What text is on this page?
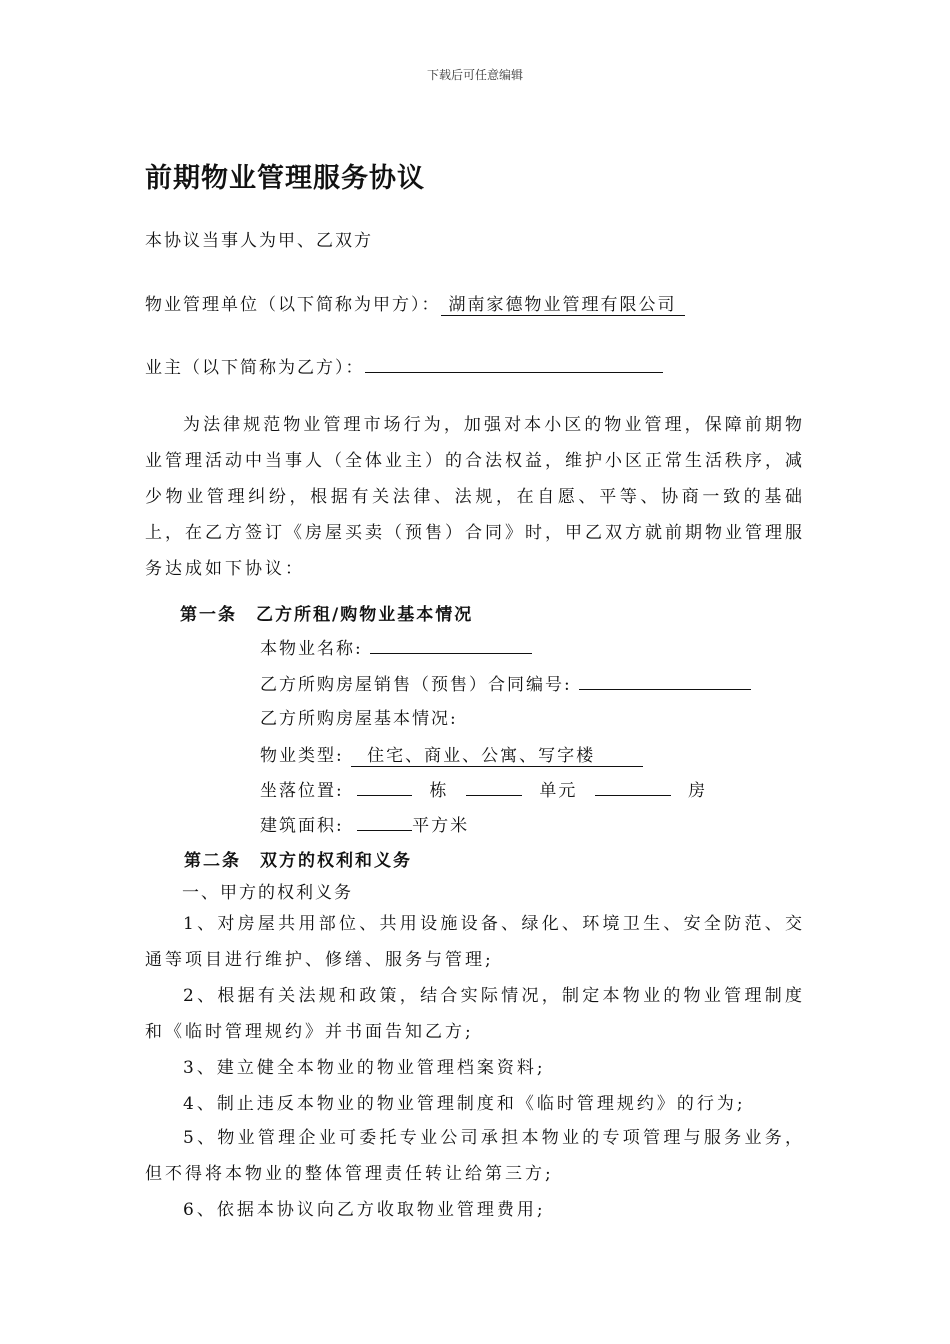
下载后可任意编辑
前期物业管理服务协议
本协议当事人为甲、乙双方
物业管理单位（以下简称为甲方）： 湖南家德物业管理有限公司
业主（以下简称为乙方）：
为法律规范物业管理市场行为，加强对本小区的物业管理，保障前期物业管理活动中当事人（全体业主）的合法权益，维护小区正常生活秩序，减少物业管理纠纷，根据有关法律、法规，在自愿、平等、协商一致的基础上，在乙方签订《房屋买卖（预售）合同》时，甲乙双方就前期物业管理服务达成如下协议：
第一条　乙方所租/购物业基本情况
本物业名称:
乙方所购房屋销售（预售）合同编号:
乙方所购房屋基本情况:
物业类型: 住宅、商业、公寓、写字楼
坐落位置:	栋	单元	房
建筑面积:	平方米
第二条　双方的权利和义务
一、甲方的权利义务
1、对房屋共用部位、共用设施设备、绿化、环境卫生、安全防范、交通等项目进行维护、修缮、服务与管理;
2、根据有关法规和政策，结合实际情况，制定本物业的物业管理制度和《临时管理规约》并书面告知乙方;
3、建立健全本物业的物业管理档案资料;
4、制止违反本物业的物业管理制度和《临时管理规约》的行为;
5、物业管理企业可委托专业公司承担本物业的专项管理与服务业务，但不得将本物业的整体管理责任转让给第三方;
6、依据本协议向乙方收取物业管理费用;
